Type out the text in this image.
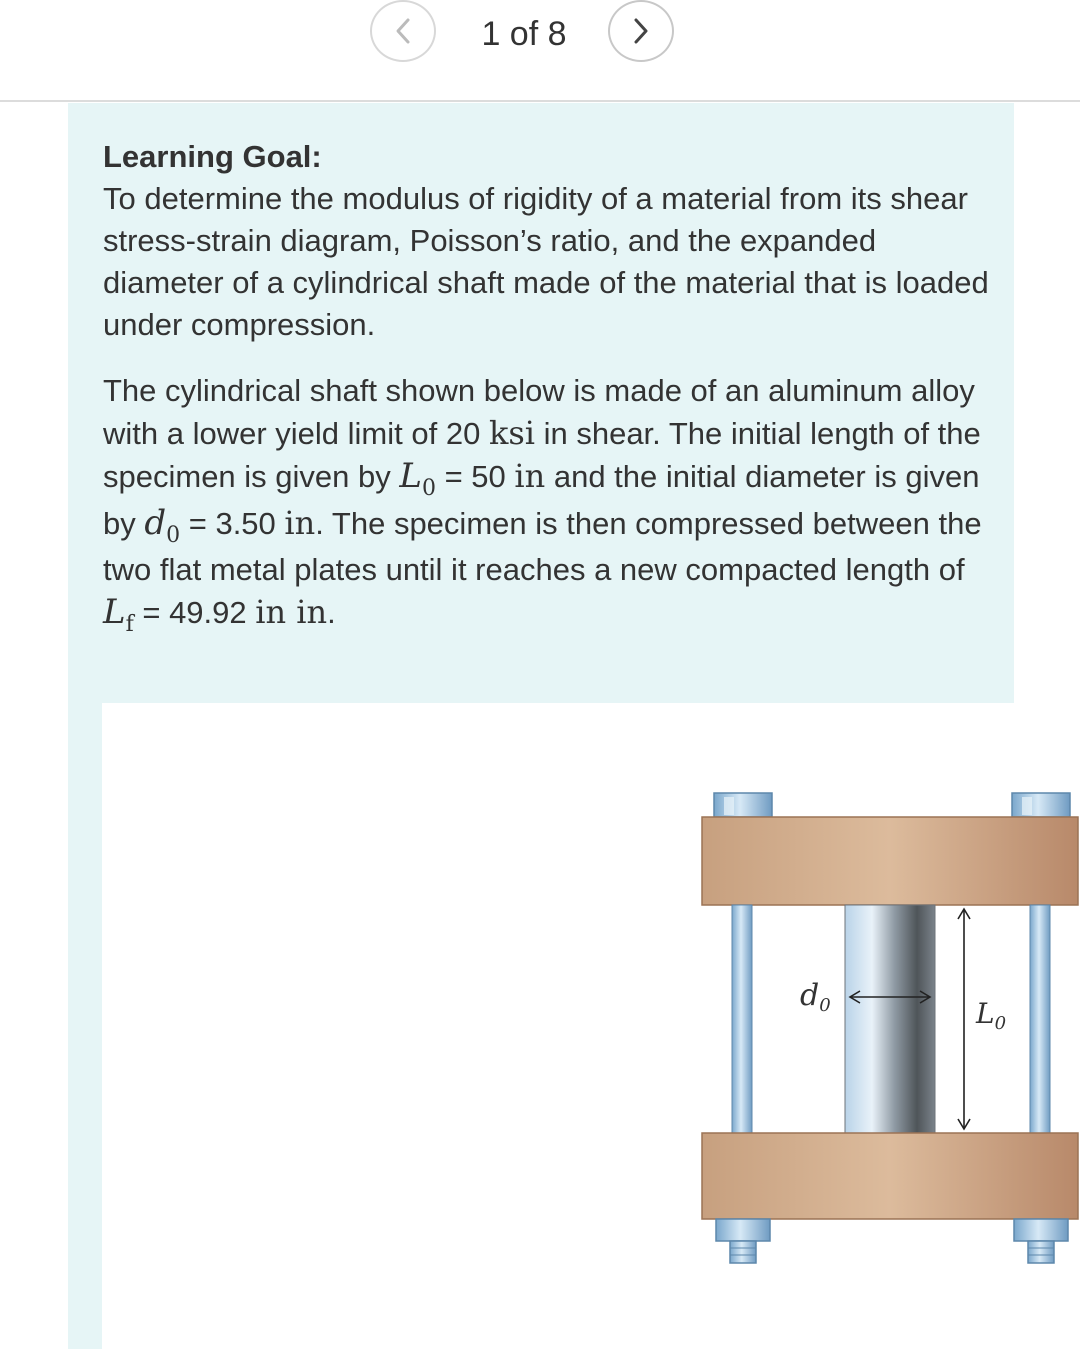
1 of 8

Learning Goal:
To determine the modulus of rigidity of a material from its shear stress-strain diagram, Poisson’s ratio, and the expanded diameter of a cylindrical shaft made of the material that is loaded under compression.

The cylindrical shaft shown below is made of an aluminum alloy with a lower yield limit of 20 ksi in shear. The initial length of the specimen is given by $L_0 = 50$ in and the initial diameter is given by $d_0 = 3.50$ in. The specimen is then compressed between the two flat metal plates until it reaches a new compacted length of $L_f = 49.92$ in in.

$d_0$	$L_0$
